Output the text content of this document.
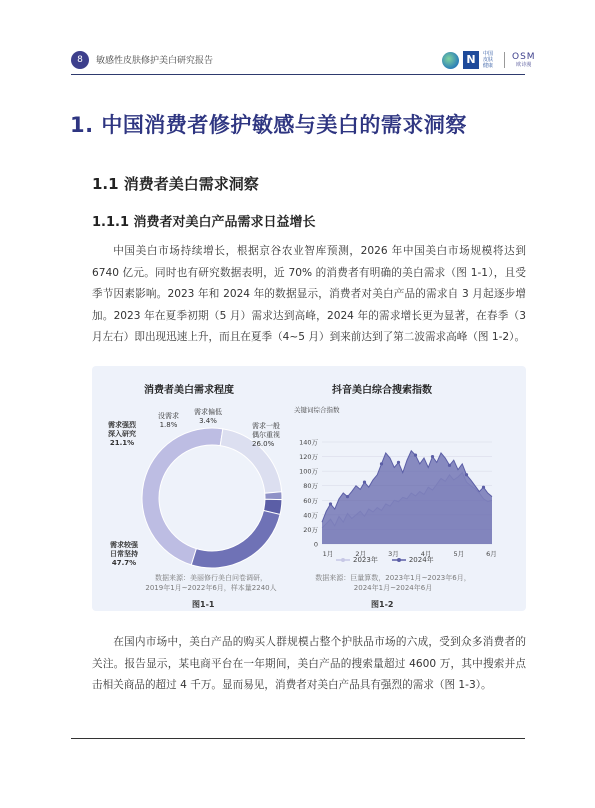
8	敏感性皮肤修护美白研究报告	N	中国皮肤健康
OSM
欧诗漫
1. 中国消费者修护敏感与美白的需求洞察
1.1 消费者美白需求洞察
1.1.1 消费者对美白产品需求日益增长

中国美白市场持续增长，根据京谷农业智库预测，2026 年中国美白市场规模将达到 6740 亿元。同时也有研究数据表明，近 70% 的消费者有明确的美白需求（图 1-1），且受季节因素影响。2023 年和 2024 年的数据显示，消费者对美白产品的需求自 3 月起逐步增加。2023 年在夏季初期（5 月）需求达到高峰，2024 年的需求增长更为显著，在春季（3 月左右）即出现迅速上升，而且在夏季（4~5 月）到来前达到了第二波需求高峰（图 1-2）。

消费者美白需求程度
没需求
1.8%
需求偏低
3.4%
需求一般
偶尔重视
26.0%
需求强烈
深入研究
21.1%
需求较强
日常坚持
47.7%
数据来源：美丽修行美白问卷调研，
2019年1月~2022年6月，样本量2240人
图1-1
抖音美白综合搜索指数
关键词综合指数
0
20万
40万
60万
80万
100万
120万
140万
1月	2月	3月	4月	5月	6月
2023年	2024年
数据来源：巨量算数，2023年1月~2023年6月，
2024年1月~2024年6月
图1-2

在国内市场中，美白产品的购买人群规模占整个护肤品市场的六成，受到众多消费者的关注。报告显示，某电商平台在一年期间，美白产品的搜索量超过 4600 万，其中搜索并点击相关商品的超过 4 千万。显而易见，消费者对美白产品具有强烈的需求（图 1-3）。
